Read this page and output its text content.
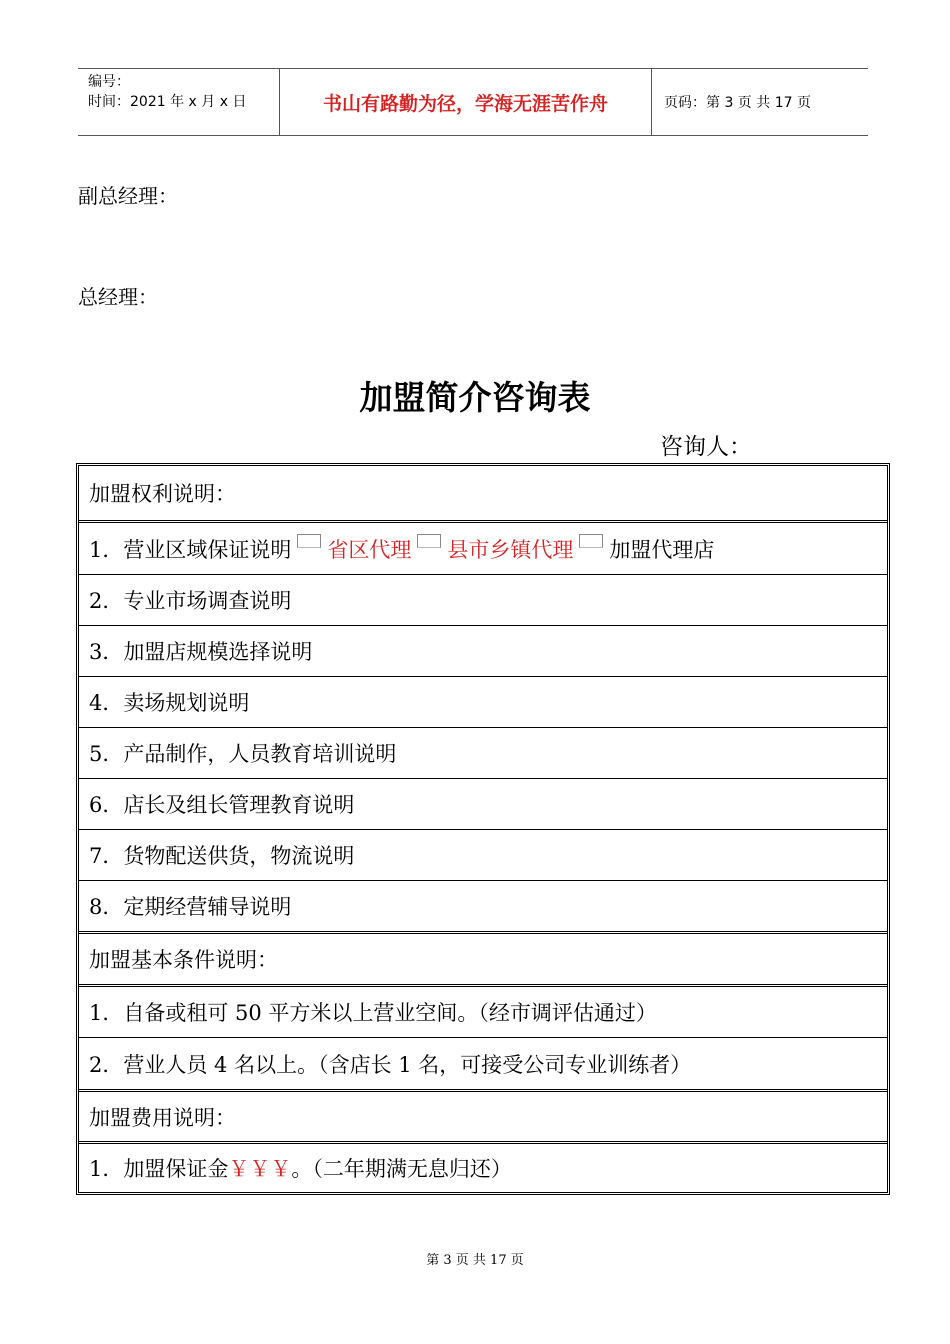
编号：
时间：2021 年 x 月 x 日	书山有路勤为径，学海无涯苦作舟	页码：第 3 页 共 17 页
副总经理：
总经理：
加盟简介咨询表
咨询人：
加盟权利说明：
1．营业区域保证说明 省区代理 县市乡镇代理 加盟代理店
2．专业市场调查说明
3．加盟店规模选择说明
4．卖场规划说明
5．产品制作，人员教育培训说明
6．店长及组长管理教育说明
7．货物配送供货，物流说明
8．定期经营辅导说明
加盟基本条件说明：
1．自备或租可 50 平方米以上营业空间。（经市调评估通过）
2．营业人员 4 名以上。（含店长 1 名，可接受公司专业训练者）
加盟费用说明：
1．加盟保证金 ￥￥￥ 。（二年期满无息归还）
第 3 页 共 17 页
